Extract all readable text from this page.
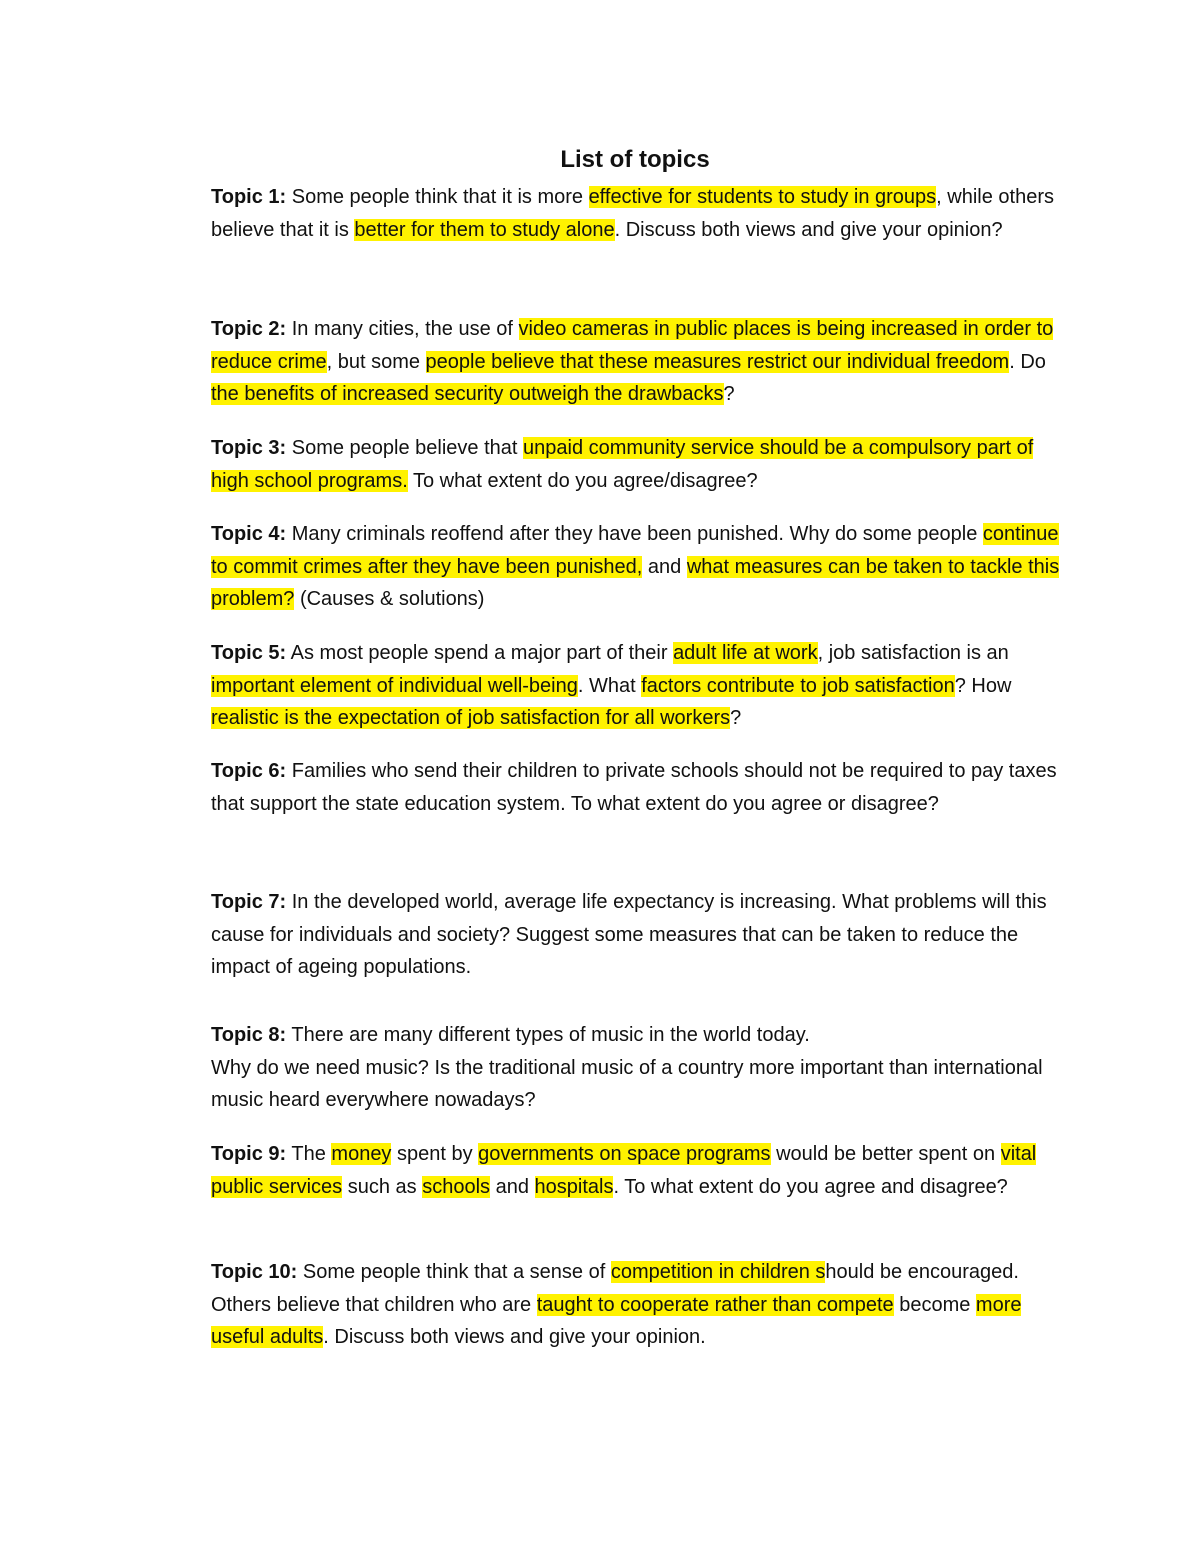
List of topics

Topic 1: Some people think that it is more effective for students to study in groups, while others believe that it is better for them to study alone. Discuss both views and give your opinion?

Topic 2: In many cities, the use of video cameras in public places is being increased in order to reduce crime, but some people believe that these measures restrict our individual freedom. Do the benefits of increased security outweigh the drawbacks?

Topic 3: Some people believe that unpaid community service should be a compulsory part of high school programs. To what extent do you agree/disagree?

Topic 4: Many criminals reoffend after they have been punished. Why do some people continue to commit crimes after they have been punished, and what measures can be taken to tackle this problem? (Causes & solutions)

Topic 5: As most people spend a major part of their adult life at work, job satisfaction is an important element of individual well-being. What factors contribute to job satisfaction? How realistic is the expectation of job satisfaction for all workers?

Topic 6: Families who send their children to private schools should not be required to pay taxes that support the state education system. To what extent do you agree or disagree?

Topic 7: In the developed world, average life expectancy is increasing. What problems will this cause for individuals and society? Suggest some measures that can be taken to reduce the impact of ageing populations.

Topic 8: There are many different types of music in the world today.
Why do we need music? Is the traditional music of a country more important than international music heard everywhere nowadays?

Topic 9: The money spent by governments on space programs would be better spent on vital public services such as schools and hospitals. To what extent do you agree and disagree?

Topic 10: Some people think that a sense of competition in children should be encouraged. Others believe that children who are taught to cooperate rather than compete become more useful adults. Discuss both views and give your opinion.
